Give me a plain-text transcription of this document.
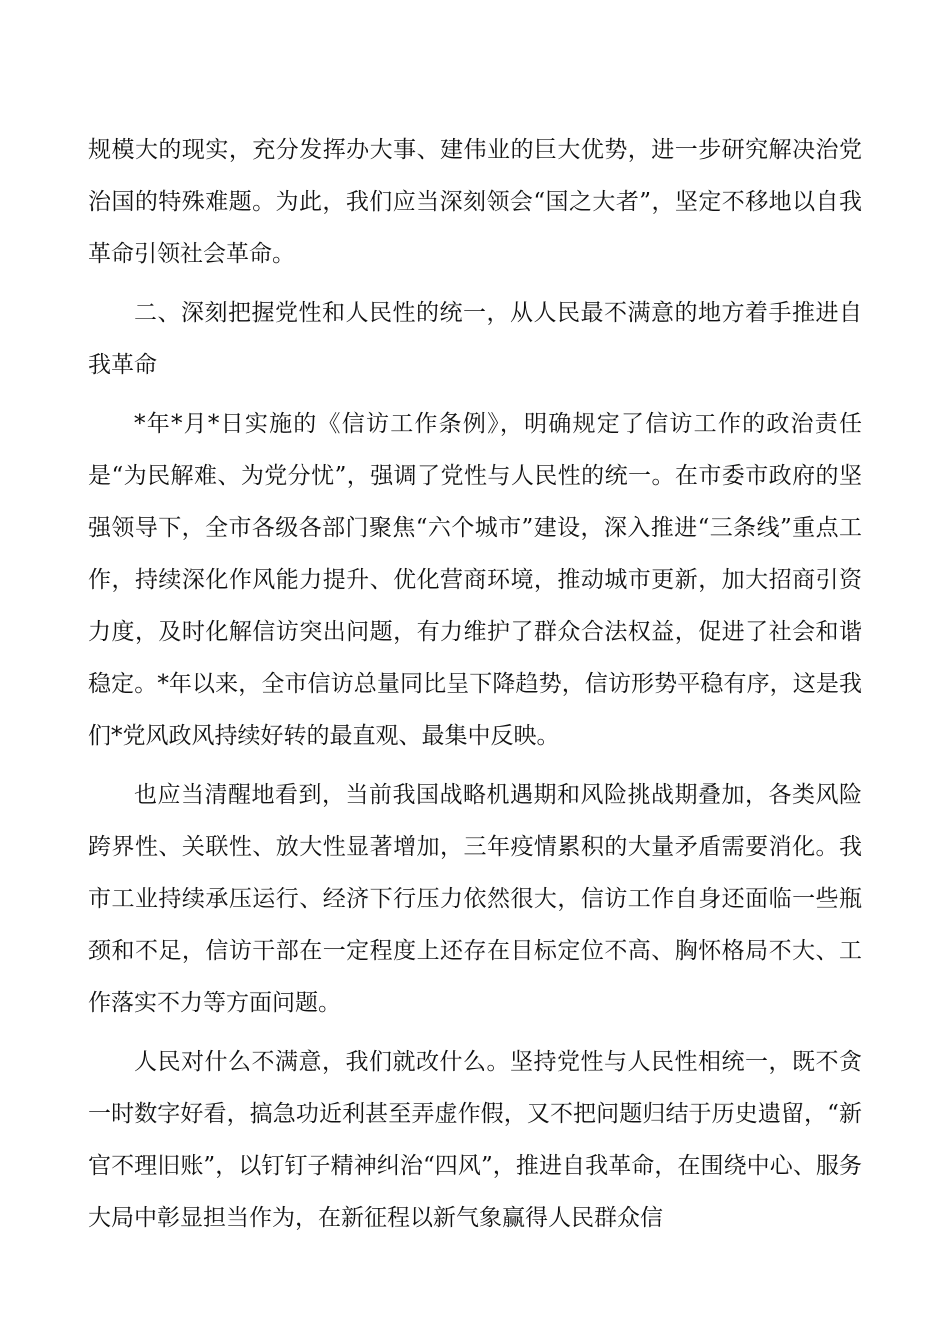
规模大的现实，充分发挥办大事、建伟业的巨大优势，进一步研究解决治党治国的特殊难题。为此，我们应当深刻领会“国之大者”，坚定不移地以自我革命引领社会革命。

二、深刻把握党性和人民性的统一，从人民最不满意的地方着手推进自我革命

*年*月*日实施的《信访工作条例》，明确规定了信访工作的政治责任是“为民解难、为党分忧”，强调了党性与人民性的统一。在市委市政府的坚强领导下，全市各级各部门聚焦“六个城市”建设，深入推进“三条线”重点工作，持续深化作风能力提升、优化营商环境，推动城市更新，加大招商引资力度，及时化解信访突出问题，有力维护了群众合法权益，促进了社会和谐稳定。*年以来，全市信访总量同比呈下降趋势，信访形势平稳有序，这是我们*党风政风持续好转的最直观、最集中反映。

也应当清醒地看到，当前我国战略机遇期和风险挑战期叠加，各类风险跨界性、关联性、放大性显著增加，三年疫情累积的大量矛盾需要消化。我市工业持续承压运行、经济下行压力依然很大，信访工作自身还面临一些瓶颈和不足，信访干部在一定程度上还存在目标定位不高、胸怀格局不大、工作落实不力等方面问题。

人民对什么不满意，我们就改什么。坚持党性与人民性相统一，既不贪一时数字好看，搞急功近利甚至弄虚作假，又不把问题归结于历史遗留，“新官不理旧账”，以钉钉子精神纠治“四风”，推进自我革命，在围绕中心、服务大局中彰显担当作为，在新征程以新气象赢得人民群众信
